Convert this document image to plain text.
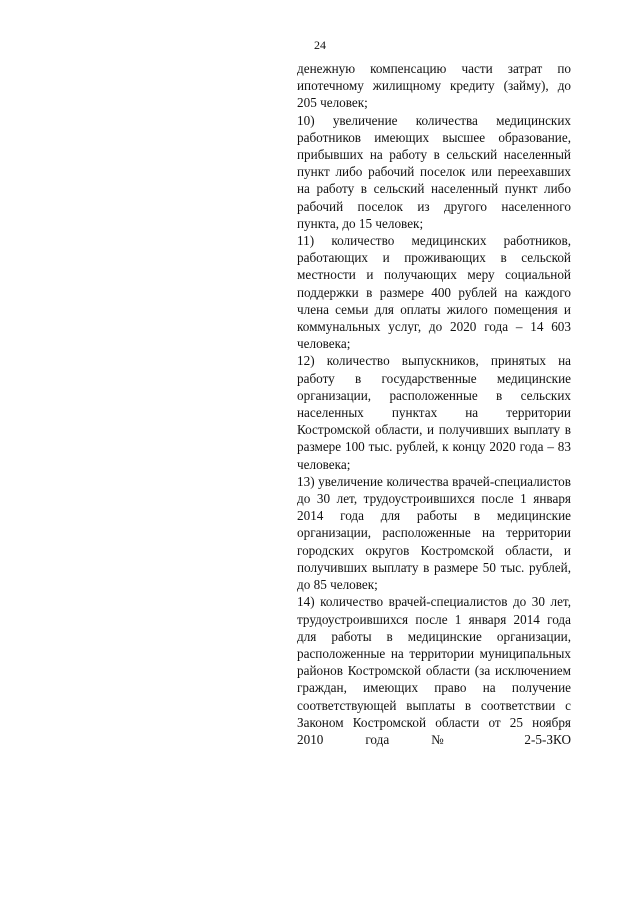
24

денежную компенсацию части затрат по ипотечному жилищному кредиту (займу), до 205 человек;

10) увеличение количества медицинских работников имеющих высшее образование, прибывших на работу в сельский населенный пункт либо рабочий поселок или переехавших на работу в сельский населенный пункт либо рабочий поселок из другого населенного пункта, до 15 человек;

11) количество медицинских работников, работающих и проживающих в сельской местности и получающих меру социальной поддержки в размере 400 рублей на каждого члена семьи для оплаты жилого помещения и коммунальных услуг, до 2020 года – 14 603 человека;

12) количество выпускников, принятых на работу в государственные медицинские организации, расположенные в сельских населенных пунктах на территории Костромской области, и получивших выплату в размере 100 тыс. рублей, к концу 2020 года – 83 человека;

13) увеличение количества врачей-специалистов до 30 лет, трудоустроившихся после 1 января 2014 года для работы в медицинские организации, расположенные на территории городских округов Костромской области, и получивших выплату в размере 50 тыс. рублей, до 85 человек;

14) количество врачей-специалистов до 30 лет, трудоустроившихся после 1 января 2014 года для работы в медицинские организации, расположенные на территории муниципальных районов Костромской области (за исключением граждан, имеющих право на получение соответствующей выплаты в соответствии с Законом Костромской области от 25 ноября 2010 года № 2-5-ЗКО
